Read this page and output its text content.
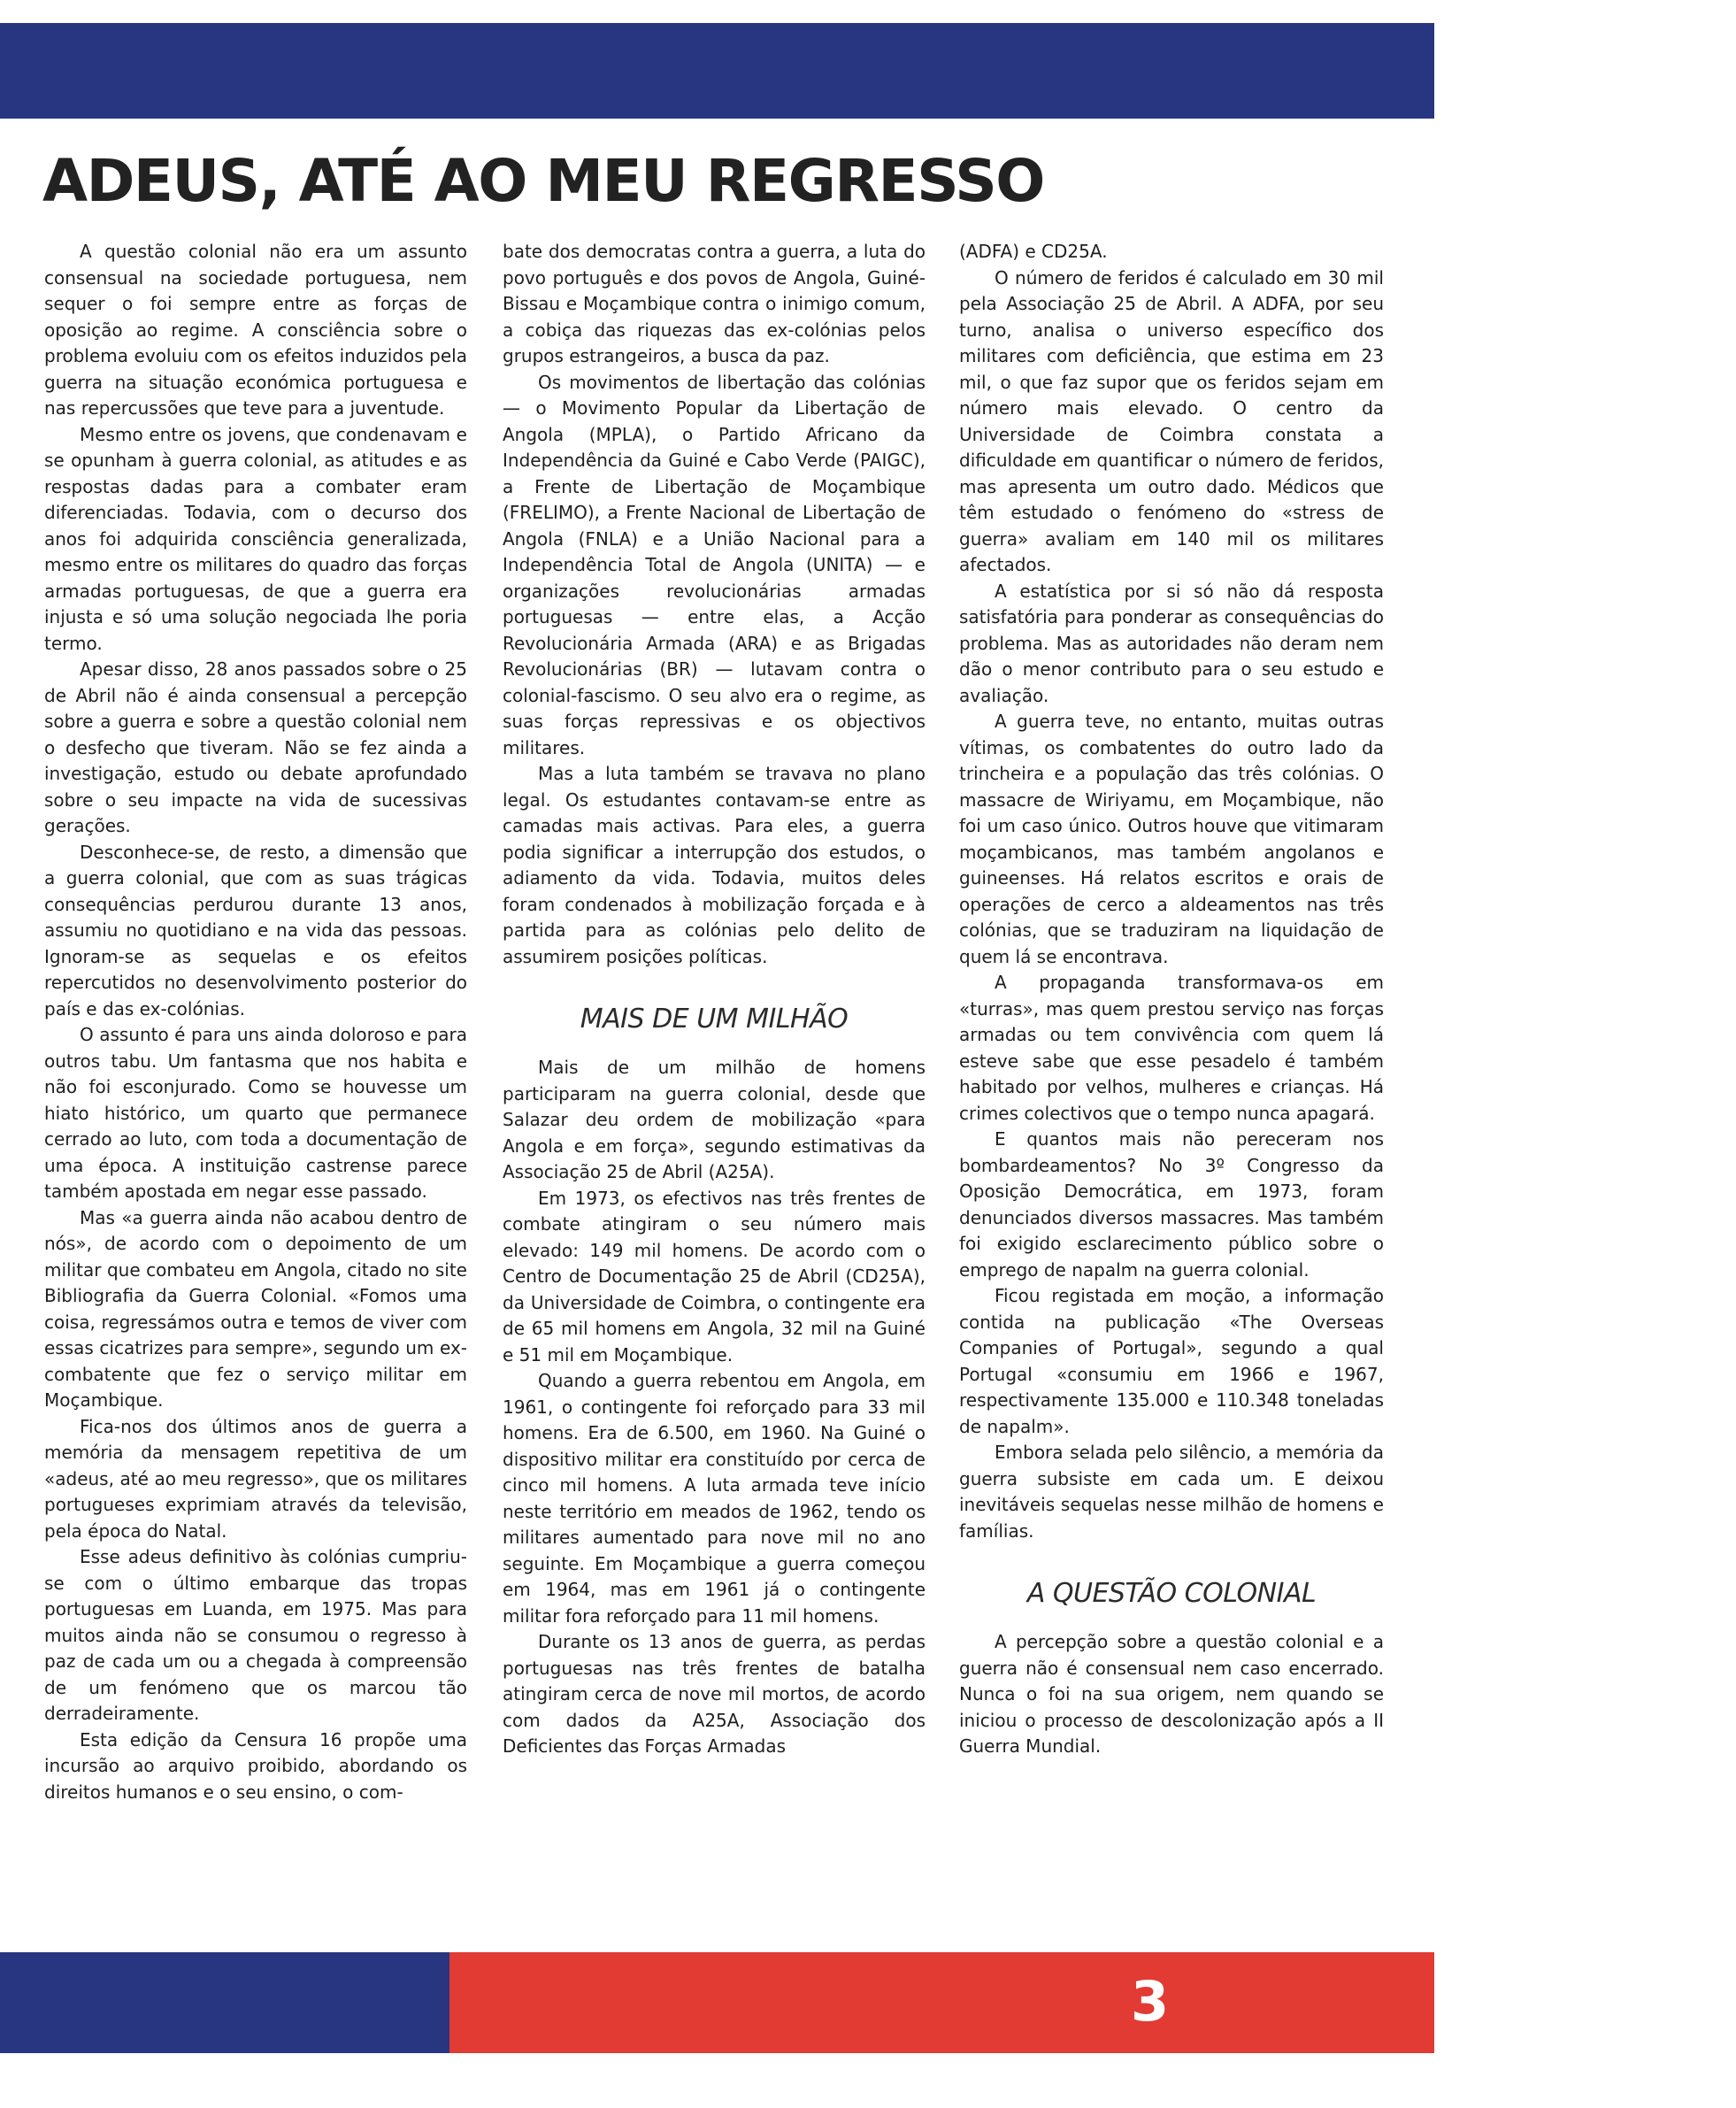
ADEUS, ATÉ AO MEU REGRESSO

A questão colonial não era um assunto consensual na sociedade portuguesa, nem sequer o foi sempre entre as forças de oposição ao regime. A consciência sobre o problema evoluiu com os efeitos induzidos pela guerra na situação económica portuguesa e nas repercussões que teve para a juventude.

Mesmo entre os jovens, que condenavam e se opunham à guerra colonial, as atitudes e as respostas dadas para a combater eram diferenciadas. Todavia, com o decurso dos anos foi adquirida consciência generalizada, mesmo entre os militares do quadro das forças armadas portuguesas, de que a guerra era injusta e só uma solução negociada lhe poria termo.

Apesar disso, 28 anos passados sobre o 25 de Abril não é ainda consensual a percepção sobre a guerra e sobre a questão colonial nem o desfecho que tiveram. Não se fez ainda a investigação, estudo ou debate aprofundado sobre o seu impacte na vida de sucessivas gerações.

Desconhece-se, de resto, a dimensão que a guerra colonial, que com as suas trágicas consequências perdurou durante 13 anos, assumiu no quotidiano e na vida das pessoas. Ignoram-se as sequelas e os efeitos repercutidos no desenvolvimento posterior do país e das ex-colónias.

O assunto é para uns ainda doloroso e para outros tabu. Um fantasma que nos habita e não foi esconjurado. Como se houvesse um hiato histórico, um quarto que permanece cerrado ao luto, com toda a documentação de uma época. A instituição castrense parece também apostada em negar esse passado.

Mas «a guerra ainda não acabou dentro de nós», de acordo com o depoimento de um militar que combateu em Angola, citado no site Bibliografia da Guerra Colonial. «Fomos uma coisa, regressámos outra e temos de viver com essas cicatrizes para sempre», segundo um ex-combatente que fez o serviço militar em Moçambique.

Fica-nos dos últimos anos de guerra a memória da mensagem repetitiva de um «adeus, até ao meu regresso», que os militares portugueses exprimiam através da televisão, pela época do Natal.

Esse adeus definitivo às colónias cumpriu-se com o último embarque das tropas portuguesas em Luanda, em 1975. Mas para muitos ainda não se consumou o regresso à paz de cada um ou a chegada à compreensão de um fenómeno que os marcou tão derradeiramente.

Esta edição da Censura 16 propõe uma incursão ao arquivo proibido, abordando os direitos humanos e o seu ensino, o com-

bate dos democratas contra a guerra, a luta do povo português e dos povos de Angola, Guiné-Bissau e Moçambique contra o inimigo comum, a cobiça das riquezas das ex-colónias pelos grupos estrangeiros, a busca da paz.

Os movimentos de libertação das colónias — o Movimento Popular da Libertação de Angola (MPLA), o Partido Africano da Independência da Guiné e Cabo Verde (PAIGC), a Frente de Libertação de Moçambique (FRELIMO), a Frente Nacional de Libertação de Angola (FNLA) e a União Nacional para a Independência Total de Angola (UNITA) — e organizações revolucionárias armadas portuguesas — entre elas, a Acção Revolucionária Armada (ARA) e as Brigadas Revolucionárias (BR) — lutavam contra o colonial-fascismo. O seu alvo era o regime, as suas forças repressivas e os objectivos militares.

Mas a luta também se travava no plano legal. Os estudantes contavam-se entre as camadas mais activas. Para eles, a guerra podia significar a interrupção dos estudos, o adiamento da vida. Todavia, muitos deles foram condenados à mobilização forçada e à partida para as colónias pelo delito de assumirem posições políticas.

MAIS DE UM MILHÃO

Mais de um milhão de homens participaram na guerra colonial, desde que Salazar deu ordem de mobilização «para Angola e em força», segundo estimativas da Associação 25 de Abril (A25A).

Em 1973, os efectivos nas três frentes de combate atingiram o seu número mais elevado: 149 mil homens. De acordo com o Centro de Documentação 25 de Abril (CD25A), da Universidade de Coimbra, o contingente era de 65 mil homens em Angola, 32 mil na Guiné e 51 mil em Moçambique.

Quando a guerra rebentou em Angola, em 1961, o contingente foi reforçado para 33 mil homens. Era de 6.500, em 1960. Na Guiné o dispositivo militar era constituído por cerca de cinco mil homens. A luta armada teve início neste território em meados de 1962, tendo os militares aumentado para nove mil no ano seguinte. Em Moçambique a guerra começou em 1964, mas em 1961 já o contingente militar fora reforçado para 11 mil homens.

Durante os 13 anos de guerra, as perdas portuguesas nas três frentes de batalha atingiram cerca de nove mil mortos, de acordo com dados da A25A, Associação dos Deficientes das Forças Armadas

(ADFA) e CD25A.

O número de feridos é calculado em 30 mil pela Associação 25 de Abril. A ADFA, por seu turno, analisa o universo específico dos militares com deficiência, que estima em 23 mil, o que faz supor que os feridos sejam em número mais elevado. O centro da Universidade de Coimbra constata a dificuldade em quantificar o número de feridos, mas apresenta um outro dado. Médicos que têm estudado o fenómeno do «stress de guerra» avaliam em 140 mil os militares afectados.

A estatística por si só não dá resposta satisfatória para ponderar as consequências do problema. Mas as autoridades não deram nem dão o menor contributo para o seu estudo e avaliação.

A guerra teve, no entanto, muitas outras vítimas, os combatentes do outro lado da trincheira e a população das três colónias. O massacre de Wiriyamu, em Moçambique, não foi um caso único. Outros houve que vitimaram moçambicanos, mas também angolanos e guineenses. Há relatos escritos e orais de operações de cerco a aldeamentos nas três colónias, que se traduziram na liquidação de quem lá se encontrava.

A propaganda transformava-os em «turras», mas quem prestou serviço nas forças armadas ou tem convivência com quem lá esteve sabe que esse pesadelo é também habitado por velhos, mulheres e crianças. Há crimes colectivos que o tempo nunca apagará.

E quantos mais não pereceram nos bombardeamentos? No 3º Congresso da Oposição Democrática, em 1973, foram denunciados diversos massacres. Mas também foi exigido esclarecimento público sobre o emprego de napalm na guerra colonial.

Ficou registada em moção, a informação contida na publicação «The Overseas Companies of Portugal», segundo a qual Portugal «consumiu em 1966 e 1967, respectivamente 135.000 e 110.348 toneladas de napalm».

Embora selada pelo silêncio, a memória da guerra subsiste em cada um. E deixou inevitáveis sequelas nesse milhão de homens e famílias.

A QUESTÃO COLONIAL

A percepção sobre a questão colonial e a guerra não é consensual nem caso encerrado. Nunca o foi na sua origem, nem quando se iniciou o processo de descolonização após a II Guerra Mundial.

3	Censura 16
